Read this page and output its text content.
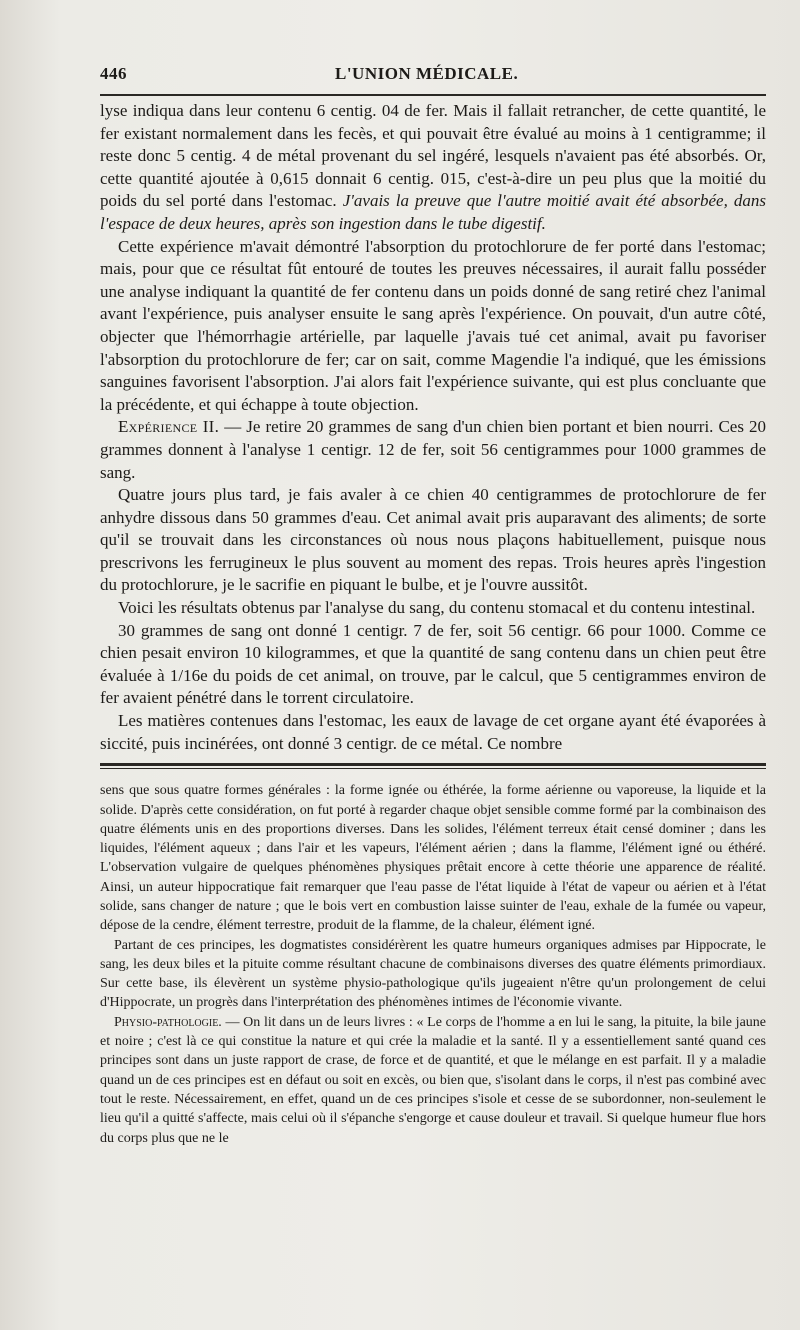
446	L'UNION MÉDICALE.

lyse indiqua dans leur contenu 6 centig. 04 de fer. Mais il fallait retrancher, de cette quantité, le fer existant normalement dans les fecès, et qui pouvait être évalué au moins à 1 centigramme; il reste donc 5 centig. 4 de métal provenant du sel ingéré, lesquels n'avaient pas été absorbés. Or, cette quantité ajoutée à 0,615 donnait 6 centig. 015, c'est-à-dire un peu plus que la moitié du poids du sel porté dans l'estomac. J'avais la preuve que l'autre moitié avait été absorbée, dans l'espace de deux heures, après son ingestion dans le tube digestif.

Cette expérience m'avait démontré l'absorption du protochlorure de fer porté dans l'estomac; mais, pour que ce résultat fût entouré de toutes les preuves nécessaires, il aurait fallu posséder une analyse indiquant la quantité de fer contenu dans un poids donné de sang retiré chez l'animal avant l'expérience, puis analyser ensuite le sang après l'expérience. On pouvait, d'un autre côté, objecter que l'hémorrhagie artérielle, par laquelle j'avais tué cet animal, avait pu favoriser l'absorption du protochlorure de fer; car on sait, comme Magendie l'a indiqué, que les émissions sanguines favorisent l'absorption. J'ai alors fait l'expérience suivante, qui est plus concluante que la précédente, et qui échappe à toute objection.

Expérience II. — Je retire 20 grammes de sang d'un chien bien portant et bien nourri. Ces 20 grammes donnent à l'analyse 1 centigr. 12 de fer, soit 56 centigrammes pour 1000 grammes de sang.

Quatre jours plus tard, je fais avaler à ce chien 40 centigrammes de protochlorure de fer anhydre dissous dans 50 grammes d'eau. Cet animal avait pris auparavant des aliments; de sorte qu'il se trouvait dans les circonstances où nous nous plaçons habituellement, puisque nous prescrivons les ferrugineux le plus souvent au moment des repas. Trois heures après l'ingestion du protochlorure, je le sacrifie en piquant le bulbe, et je l'ouvre aussitôt.

Voici les résultats obtenus par l'analyse du sang, du contenu stomacal et du contenu intestinal.

30 grammes de sang ont donné 1 centigr. 7 de fer, soit 56 centigr. 66 pour 1000. Comme ce chien pesait environ 10 kilogrammes, et que la quantité de sang contenu dans un chien peut être évaluée à 1/16e du poids de cet animal, on trouve, par le calcul, que 5 centigrammes environ de fer avaient pénétré dans le torrent circulatoire.

Les matières contenues dans l'estomac, les eaux de lavage de cet organe ayant été évaporées à siccité, puis incinérées, ont donné 3 centigr. de ce métal. Ce nombre

sens que sous quatre formes générales : la forme ignée ou éthérée, la forme aérienne ou vaporeuse, la liquide et la solide. D'après cette considération, on fut porté à regarder chaque objet sensible comme formé par la combinaison des quatre éléments unis en des proportions diverses. Dans les solides, l'élément terreux était censé dominer ; dans les liquides, l'élément aqueux ; dans l'air et les vapeurs, l'élément aérien ; dans la flamme, l'élément igné ou éthéré. L'observation vulgaire de quelques phénomènes physiques prêtait encore à cette théorie une apparence de réalité. Ainsi, un auteur hippocratique fait remarquer que l'eau passe de l'état liquide à l'état de vapeur ou aérien et à l'état solide, sans changer de nature ; que le bois vert en combustion laisse suinter de l'eau, exhale de la fumée ou vapeur, dépose de la cendre, élément terrestre, produit de la flamme, de la chaleur, élément igné.

Partant de ces principes, les dogmatistes considérèrent les quatre humeurs organiques admises par Hippocrate, le sang, les deux biles et la pituite comme résultant chacune de combinaisons diverses des quatre éléments primordiaux. Sur cette base, ils élevèrent un système physio-pathologique qu'ils jugeaient n'être qu'un prolongement de celui d'Hippocrate, un progrès dans l'interprétation des phénomènes intimes de l'économie vivante.

Physio-pathologie. — On lit dans un de leurs livres : « Le corps de l'homme a en lui le sang, la pituite, la bile jaune et noire ; c'est là ce qui constitue la nature et qui crée la maladie et la santé. Il y a essentiellement santé quand ces principes sont dans un juste rapport de crase, de force et de quantité, et que le mélange en est parfait. Il y a maladie quand un de ces principes est en défaut ou soit en excès, ou bien que, s'isolant dans le corps, il n'est pas combiné avec tout le reste. Nécessairement, en effet, quand un de ces principes s'isole et cesse de se subordonner, non-seulement le lieu qu'il a quitté s'affecte, mais celui où il s'épanche s'engorge et cause douleur et travail. Si quelque humeur flue hors du corps plus que ne le
